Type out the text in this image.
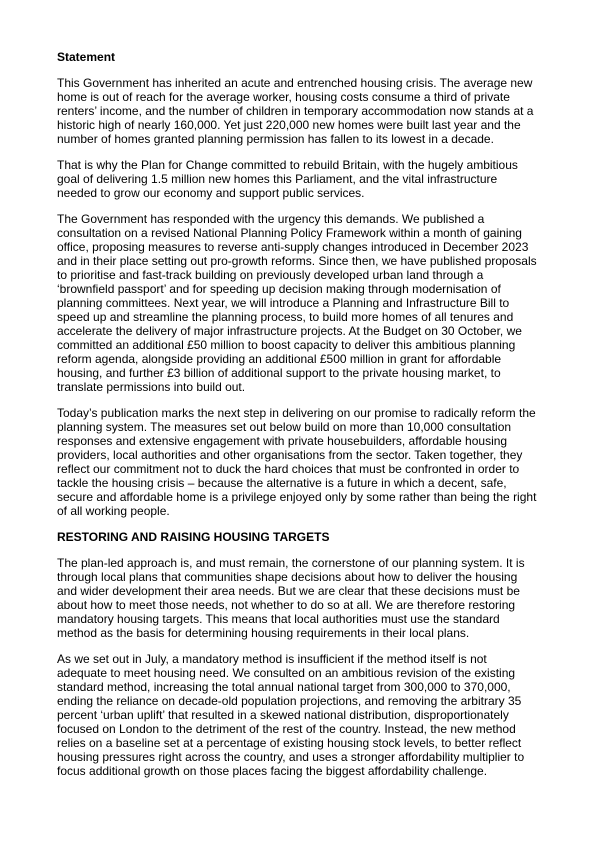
Statement
This Government has inherited an acute and entrenched housing crisis. The average new
home is out of reach for the average worker, housing costs consume a third of private
renters’ income, and the number of children in temporary accommodation now stands at a
historic high of nearly 160,000. Yet just 220,000 new homes were built last year and the
number of homes granted planning permission has fallen to its lowest in a decade.
That is why the Plan for Change committed to rebuild Britain, with the hugely ambitious
goal of delivering 1.5 million new homes this Parliament, and the vital infrastructure
needed to grow our economy and support public services.
The Government has responded with the urgency this demands. We published a
consultation on a revised National Planning Policy Framework within a month of gaining
office, proposing measures to reverse anti-supply changes introduced in December 2023
and in their place setting out pro-growth reforms. Since then, we have published proposals
to prioritise and fast-track building on previously developed urban land through a
‘brownfield passport’ and for speeding up decision making through modernisation of
planning committees. Next year, we will introduce a Planning and Infrastructure Bill to
speed up and streamline the planning process, to build more homes of all tenures and
accelerate the delivery of major infrastructure projects. At the Budget on 30 October, we
committed an additional £50 million to boost capacity to deliver this ambitious planning
reform agenda, alongside providing an additional £500 million in grant for affordable
housing, and further £3 billion of additional support to the private housing market, to
translate permissions into build out.
Today’s publication marks the next step in delivering on our promise to radically reform the
planning system. The measures set out below build on more than 10,000 consultation
responses and extensive engagement with private housebuilders, affordable housing
providers, local authorities and other organisations from the sector. Taken together, they
reflect our commitment not to duck the hard choices that must be confronted in order to
tackle the housing crisis – because the alternative is a future in which a decent, safe,
secure and affordable home is a privilege enjoyed only by some rather than being the right
of all working people.
RESTORING AND RAISING HOUSING TARGETS
The plan-led approach is, and must remain, the cornerstone of our planning system. It is
through local plans that communities shape decisions about how to deliver the housing
and wider development their area needs. But we are clear that these decisions must be
about how to meet those needs, not whether to do so at all. We are therefore restoring
mandatory housing targets. This means that local authorities must use the standard
method as the basis for determining housing requirements in their local plans.
As we set out in July, a mandatory method is insufficient if the method itself is not
adequate to meet housing need. We consulted on an ambitious revision of the existing
standard method, increasing the total annual national target from 300,000 to 370,000,
ending the reliance on decade-old population projections, and removing the arbitrary 35
percent ‘urban uplift’ that resulted in a skewed national distribution, disproportionately
focused on London to the detriment of the rest of the country. Instead, the new method
relies on a baseline set at a percentage of existing housing stock levels, to better reflect
housing pressures right across the country, and uses a stronger affordability multiplier to
focus additional growth on those places facing the biggest affordability challenge.
